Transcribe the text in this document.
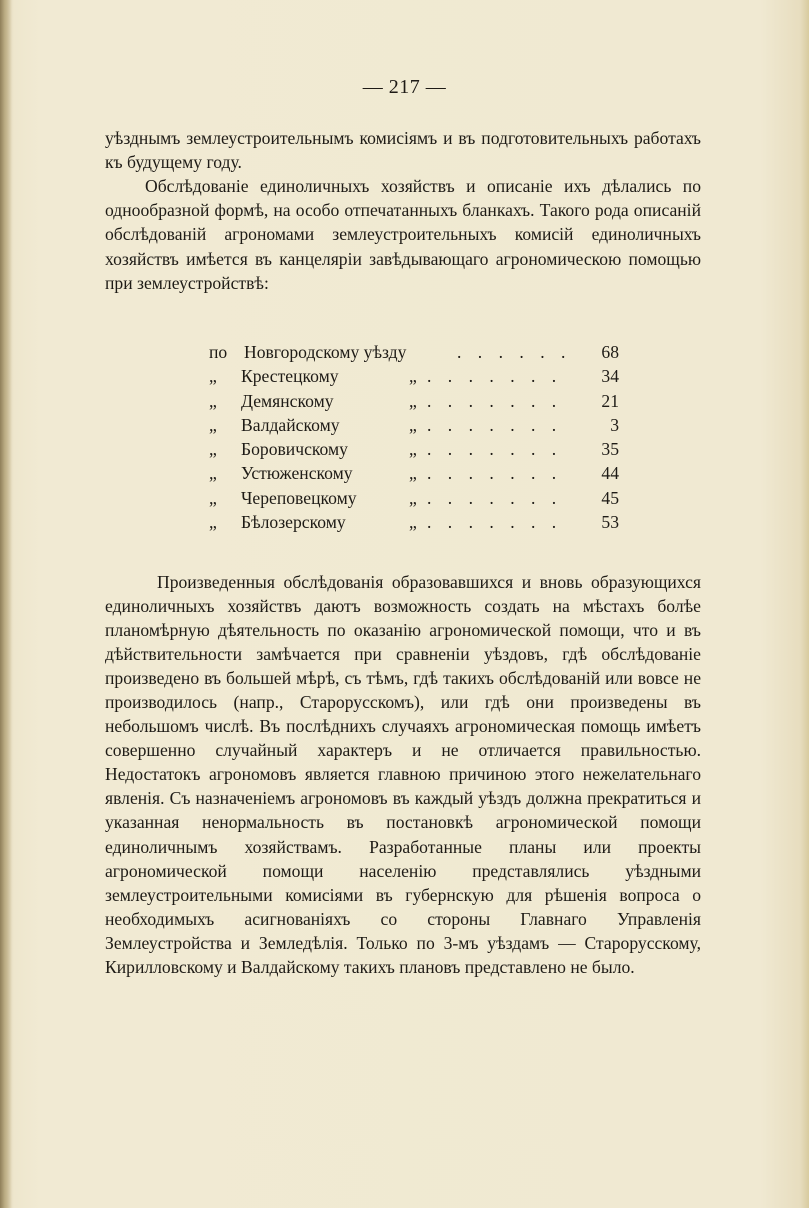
— 217 —

уѣзднымъ землеустроительнымъ комисіямъ и въ подготовительныхъ работахъ къ будущему году.

Обслѣдованіе единоличныхъ хозяйствъ и описаніе ихъ дѣлались по однообразной формѣ, на особо отпечатанныхъ бланкахъ. Такого рода описаній обслѣдованій агрономами землеустроительныхъ комисій единоличныхъ хозяйствъ имѣется въ канцеляріи завѣдывающаго агрономическою помощью при землеустройствѣ:

по Новгородскому уѣзду	. . . . . .	68
„ Крестецкому	„ . . . . . . .	34
„ Демянскому	„ . . . . . . .	21
„ Валдайскому	„ . . . . . . .	3
„ Боровичскому	„ . . . . . . .	35
„ Устюженскому	„ . . . . . . .	44
„ Череповецкому	„ . . . . . . .	45
„ Бѣлозерскому	„ . . . . . . .	53

Произведенныя обслѣдованія образовавшихся и вновь образующихся единоличныхъ хозяйствъ даютъ возможность создать на мѣстахъ болѣе планомѣрную дѣятельность по оказанію агрономической помощи, что и въ дѣйствительности замѣчается при сравненіи уѣздовъ, гдѣ обслѣдованіе произведено въ большей мѣрѣ, съ тѣмъ, гдѣ такихъ обслѣдованій или вовсе не производилось (напр., Старорусскомъ), или гдѣ они произведены въ небольшомъ числѣ. Въ послѣднихъ случаяхъ агрономическая помощь имѣетъ совершенно случайный характеръ и не отличается правильностью. Недостатокъ агрономовъ является главною причиною этого нежелательнаго явленія. Съ назначеніемъ агрономовъ въ каждый уѣздъ должна прекратиться и указанная ненормальность въ постановкѣ агрономической помощи единоличнымъ хозяйствамъ. Разработанные планы или проекты агрономической помощи населенію представлялись уѣздными землеустроительными комисіями въ губернскую для рѣшенія вопроса о необходимыхъ асигнованіяхъ со стороны Главнаго Управленія Землеустройства и Земледѣлія. Только по 3-мъ уѣздамъ — Старорусскому, Кирилловскому и Валдайскому такихъ плановъ представлено не было.
